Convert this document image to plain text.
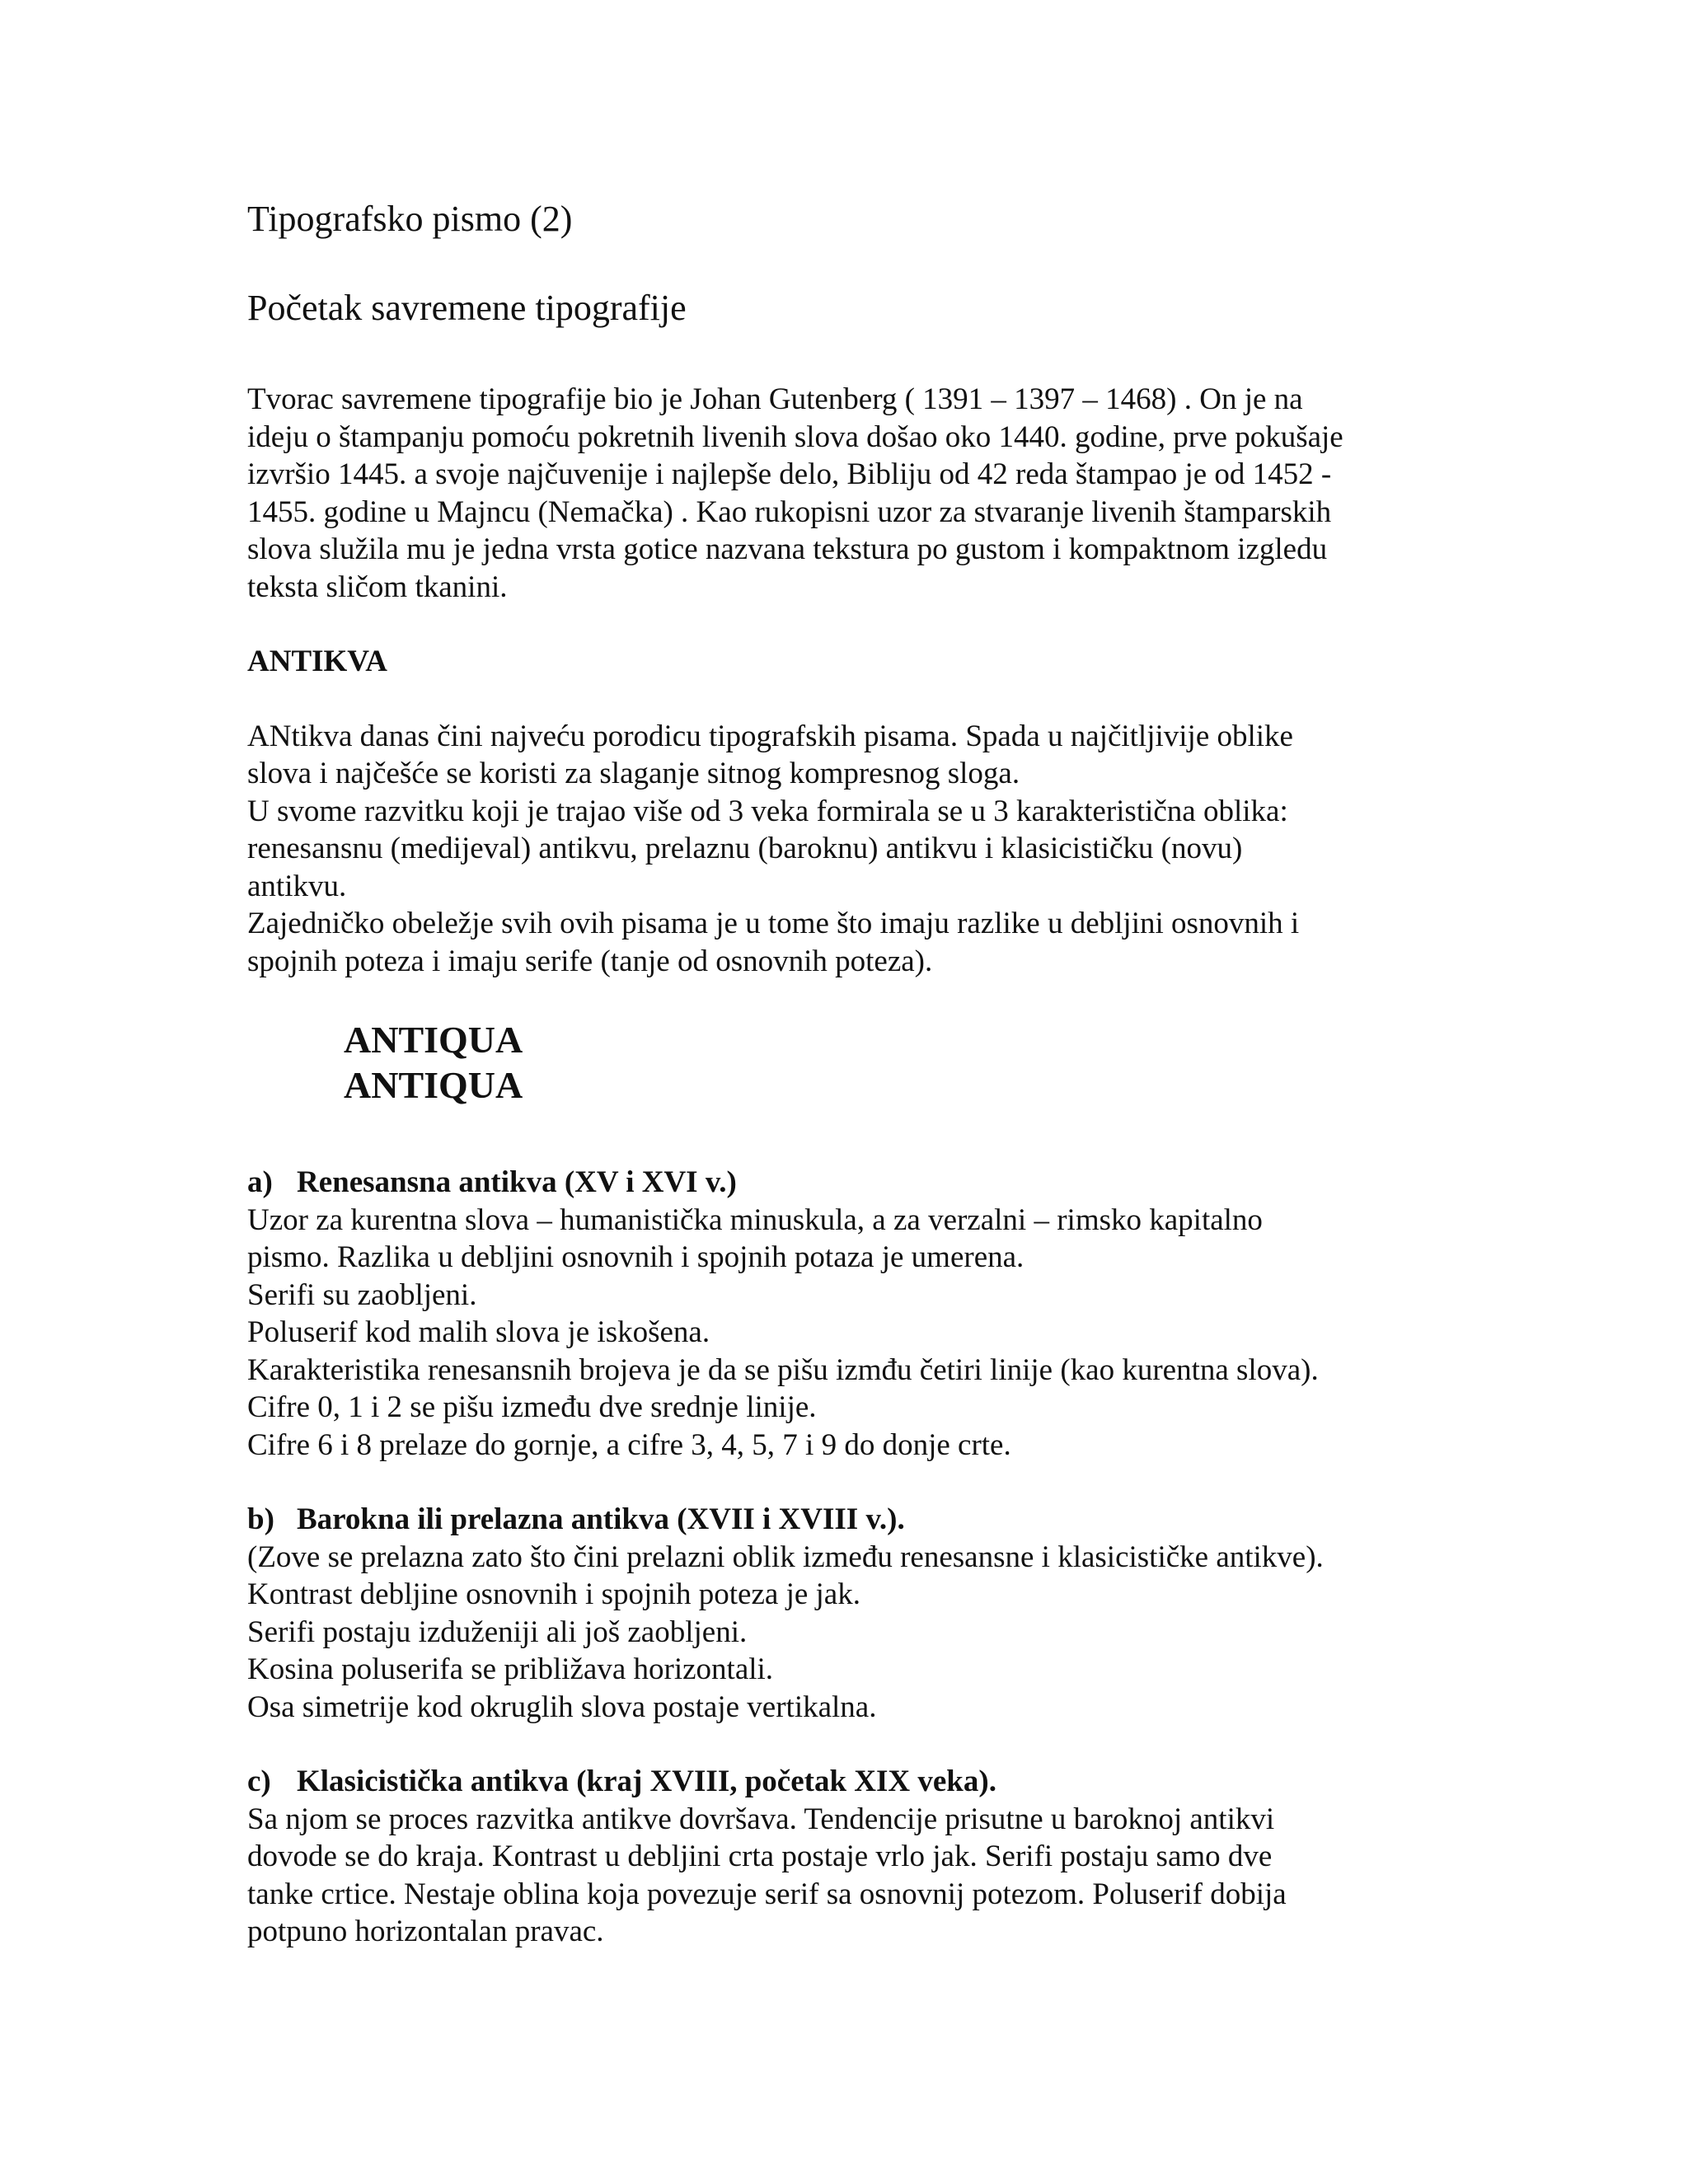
Tipografsko pismo (2)
Početak savremene tipografije

Tvorac savremene tipografije bio je Johan Gutenberg ( 1391 – 1397 – 1468) . On je na
ideju o štampanju pomoću pokretnih livenih slova došao oko 1440. godine, prve pokušaje
izvršio 1445. a svoje najčuvenije i najlepše delo, Bibliju od 42 reda štampao je od 1452 -
1455. godine u Majncu (Nemačka) . Kao rukopisni uzor za stvaranje livenih štamparskih
slova služila mu je jedna vrsta gotice nazvana tekstura po gustom i kompaktnom izgledu
teksta sličom tkanini.

ANTIKVA

ANtikva danas čini najveću porodicu tipografskih pisama. Spada u najčitljivije oblike
slova i najčešće se koristi za slaganje sitnog kompresnog sloga.
U svome razvitku koji je trajao više od 3 veka formirala se u 3 karakteristična oblika:
renesansnu (medijeval) antikvu, prelaznu (baroknu) antikvu i klasicističku (novu)
antikvu.
Zajedničko obeležje svih ovih pisama je u tome što imaju razlike u debljini osnovnih i
spojnih poteza i imaju serife (tanje od osnovnih poteza).

ANTIQUA
ANTIQUA
a) Renesansna antikva (XV i XVI v.)

Uzor za kurentna slova – humanistička minuskula, a za verzalni – rimsko kapitalno
pismo. Razlika u debljini osnovnih i spojnih potaza je umerena.
Serifi su zaobljeni.
Poluserif kod malih slova je iskošena.
Karakteristika renesansnih brojeva je da se pišu izmđu četiri linije (kao kurentna slova).
Cifre 0, 1 i 2 se pišu između dve srednje linije.
Cifre 6 i 8 prelaze do gornje, a cifre 3, 4, 5, 7 i 9 do donje crte.

b) Barokna ili prelazna antikva (XVII i XVIII v.).

(Zove se prelazna zato što čini prelazni oblik između renesansne i klasicističke antikve).
Kontrast debljine osnovnih i spojnih poteza je jak.
Serifi postaju izduženiji ali još zaobljeni.
Kosina poluserifa se približava horizontali.
Osa simetrije kod okruglih slova postaje vertikalna.

c) Klasicistička antikva (kraj XVIII, početak XIX veka).

Sa njom se proces razvitka antikve dovršava. Tendencije prisutne u baroknoj antikvi
dovode se do kraja. Kontrast u debljini crta postaje vrlo jak. Serifi postaju samo dve
tanke crtice. Nestaje oblina koja povezuje serif sa osnovnij potezom. Poluserif dobija
potpuno horizontalan pravac.
